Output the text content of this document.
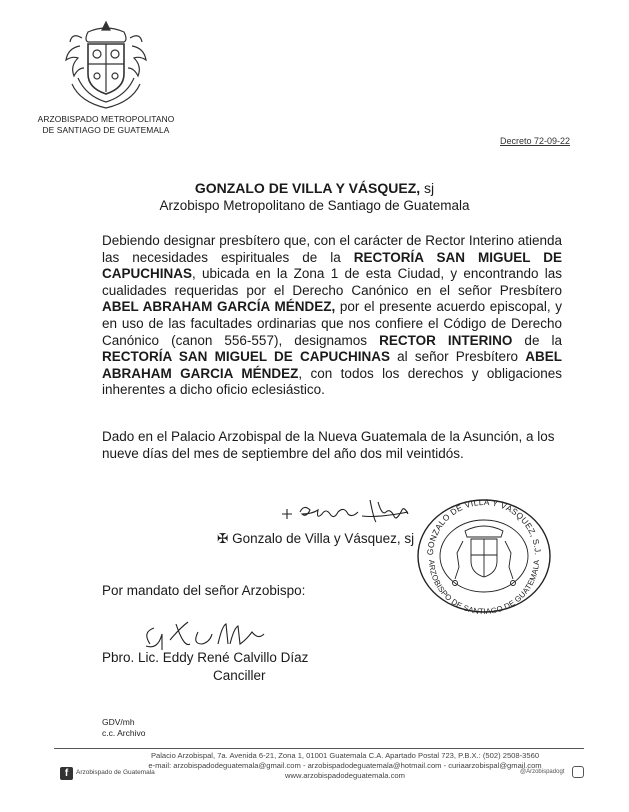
ARZOBISPADO METROPOLITANO
DE SANTIAGO DE GUATEMALA
Decreto 72-09-22
GONZALO DE VILLA Y VÁSQUEZ, sj
Arzobispo Metropolitano de Santiago de Guatemala
Debiendo designar presbítero que, con el carácter de Rector Interino atienda las necesidades espirituales de la RECTORÍA SAN MIGUEL DE CAPUCHINAS, ubicada en la Zona 1 de esta Ciudad, y encontrando las cualidades requeridas por el Derecho Canónico en el señor Presbítero ABEL ABRAHAM GARCÍA MÉNDEZ, por el presente acuerdo episcopal, y en uso de las facultades ordinarias que nos confiere el Código de Derecho Canónico (canon 556-557), designamos RECTOR INTERINO de la RECTORÍA SAN MIGUEL DE CAPUCHINAS al señor Presbítero ABEL ABRAHAM GARCIA MÉNDEZ, con todos los derechos y obligaciones inherentes a dicho oficio eclesiástico.
Dado en el Palacio Arzobispal de la Nueva Guatemala de la Asunción, a los nueve días del mes de septiembre del año dos mil veintidós.
✠ Gonzalo de Villa y Vásquez, sj
GONZALO DE VILLA Y VÁSQUEZ, S.J.
ARZOBISPO DE SANTIAGO DE GUATEMALA
Por mandato del señor Arzobispo:
Pbro. Lic. Eddy René Calvillo Díaz
Canciller
GDV/mh
c.c. Archivo
Palacio Arzobispal, 7a. Avenida 6-21, Zona 1, 01001 Guatemala C.A. Apartado Postal 723, P.B.X.: (502) 2508-3560
e-mail: arzobispadodeguatemala@gmail.com - arzobispadodeguatemala@hotmail.com - curiaarzobispal@gmail.com
www.arzobispadodeguatemala.com
f	Arzobispado de Guatemala	@Arzobispadogt
